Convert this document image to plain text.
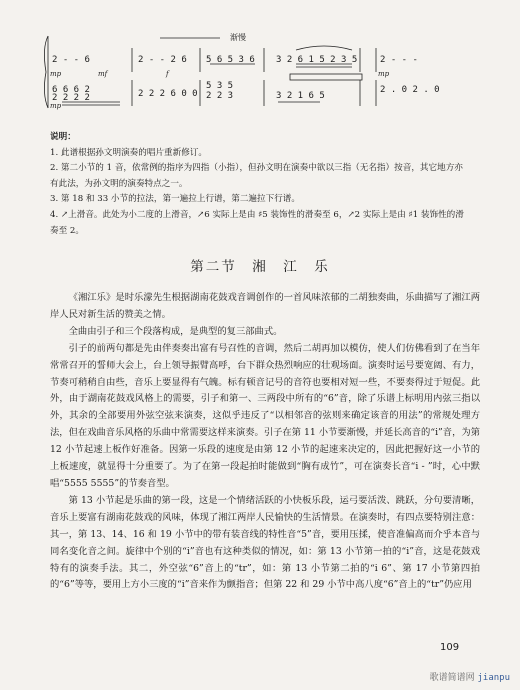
2 - - 6	2 - - 2 6 5 6 5 3 6 3 2 6 1 5 2 3 5	2 - - -
6 6 6 2
2 2 2 2	2 2 2 6 0 0
5 3 5
2 2 3	3 2 1 6 5
2 . 0 2 . 0
mp	mf	f	mp
mp
渐慢

说明：

1. 此谱根据孙文明演奏的唱片重新修订。

2. 第二小节的 1 音，依常例的指序为四指（小指），但孙文明在演奏中欲以三指（无名指）按音，其它地方亦有此法，为孙文明的演奏特点之一。

3. 第 18 和 33 小节的拉法，第一遍拉上行谱，第二遍拉下行谱。

4. ↗上滑音。此处为小二度的上滑音，↗6 实际上是由 ♯5 装饰性的滑奏至 6，↗2 实际上是由 ♯1 装饰性的滑奏至 2。

第二节　湘　江　乐

《湘江乐》是时乐濛先生根据湖南花鼓戏音调创作的一首风味浓郁的二胡独奏曲，乐曲描写了湘江两岸人民对新生活的赞美之情。

全曲由引子和三个段落构成，是典型的复三部曲式。

引子的前两句都是先由伴奏奏出富有号召性的音调，然后二胡再加以模仿，使人们仿佛看到了在当年常常召开的誓师大会上，台上领导振臂高呼，台下群众热烈响应的壮观场面。演奏时运号要宽阔、有力，节奏可稍稍自由些，音乐上要显得有气魄。标有顿音记号的音符也要相对短一些，不要奏得过于短促。此外，由于湖南花鼓戏风格上的需要，引子和第一、三两段中所有的“6”音，除了乐谱上标明用内弦三指以外，其余的全部要用外弦空弦来演奏，这似乎违反了“以相邻音的弦则来确定该音的用法”的常规处理方法，但在戏曲音乐风格的乐曲中常需要这样来演奏。引子在第 11 小节要渐慢，并延长高音的“i”音，为第 12 小节起速上板作好准备。因第一乐段的速度是由第 12 小节的起速来决定的，因此把握好这一小节的上板速度，就显得十分重要了。为了在第一段起拍时能做到“胸有成竹”，可在演奏长音“i - ”时，心中默唱“5555 5555”的节奏音型。

第 13 小节起是乐曲的第一段，这是一个情绪活跃的小快板乐段，运弓要活泼、跳跃，分句要清晰，音乐上要富有湖南花鼓戏的风味，体现了湘江两岸人民愉快的生活情景。在演奏时，有四点要特别注意：其一，第 13、14、16 和 19 小节中的带有装音线的特性音“5”音，要用压揉，使音准偏高而介乎本音与同名变化音之间。旋律中个别的“i”音也有这种类似的情况，如：第 13 小节第一拍的“i”音，这是花鼓戏特有的演奏手法。其二，外空弦“6”音上的“tr”，如：第 13 小节第二拍的“i 6”、第 17 小节第四拍的“6”等等，要用上方小三度的“i”音来作为颤指音；但第 22 和 29 小节中高八度“6”音上的“tr”仍应用

109
歌谱简谱网 jianpu
